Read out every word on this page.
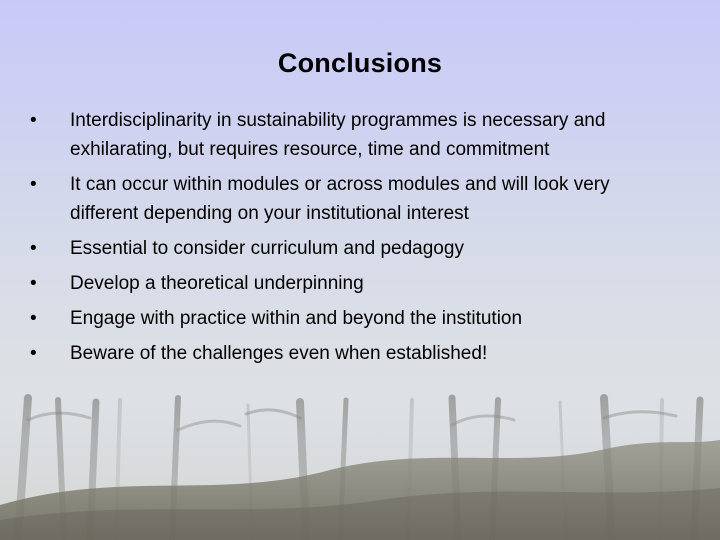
Conclusions
•	Interdisciplinarity in sustainability programmes is necessary and exhilarating, but requires resource, time and commitment
•	It can occur within modules or across modules and will look very different depending on your institutional interest
•	Essential to consider curriculum and pedagogy
•	Develop a theoretical underpinning
•	Engage with practice within and beyond the institution
•	Beware of the challenges even when established!
